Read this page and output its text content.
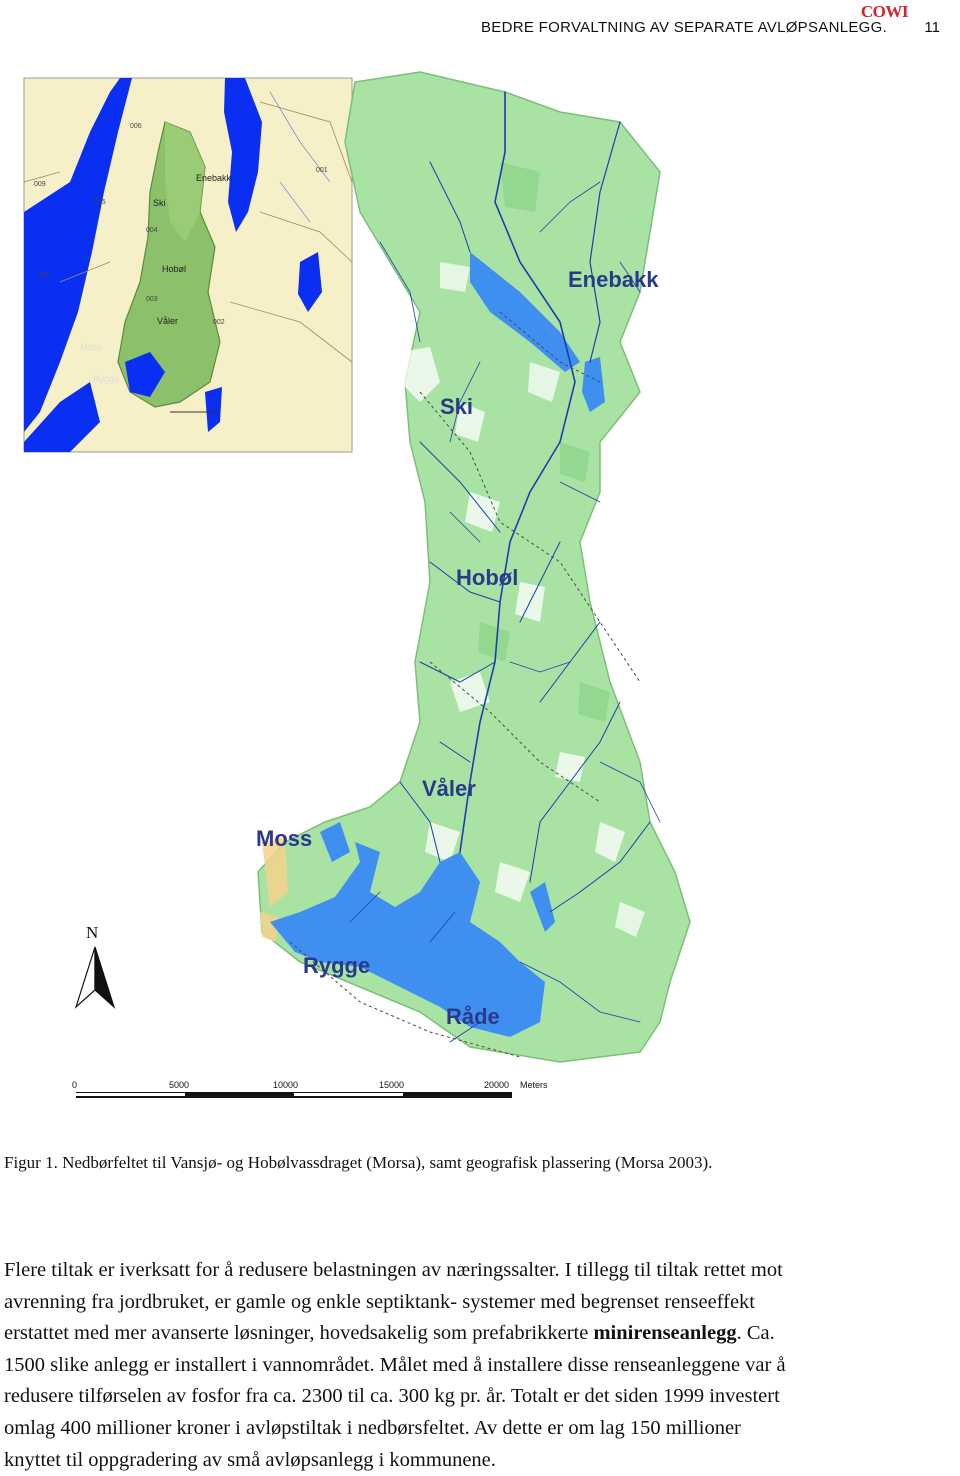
COWI
BEDRE FORVALTNING AV SEPARATE AVLØPSANLEGG. 11
Enebakk
Ski
Hobøl
Våler
Moss
Rygge
009
005
006
004
003
002
001
016	Enebakk
Ski
Hobøl
Våler
Moss
Rygge
Råde
N
0	5000	10000	15000	20000 Meters
Figur 1. Nedbørfeltet til Vansjø- og Hobølvassdraget (Morsa), samt geografisk plassering (Morsa 2003).
Flere tiltak er iverksatt for å redusere belastningen av næringssalter. I tillegg til tiltak rettet mot
avrenning fra jordbruket, er gamle og enkle septiktank- systemer med begrenset renseeffekt
erstattet med mer avanserte løsninger, hovedsakelig som prefabrikkerte minirenseanlegg. Ca.
1500 slike anlegg er installert i vannområdet. Målet med å installere disse renseanleggene var å
redusere tilførselen av fosfor fra ca. 2300 til ca. 300 kg pr. år. Totalt er det siden 1999 investert
omlag 400 millioner kroner i avløpstiltak i nedbørsfeltet. Av dette er om lag 150 millioner
knyttet til oppgradering av små avløpsanlegg i kommunene.
